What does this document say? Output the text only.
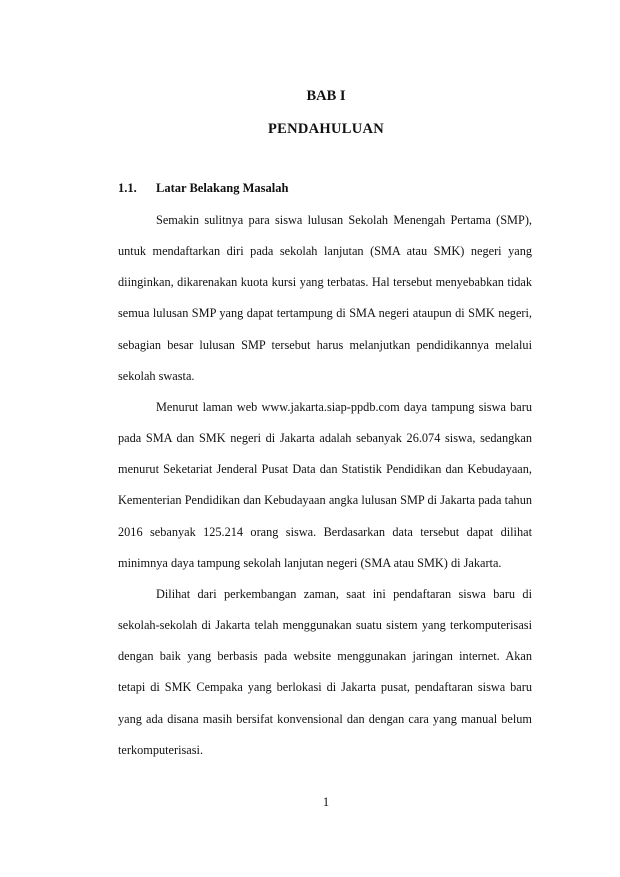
BAB I
PENDAHULUAN
1.1. Latar Belakang Masalah

Semakin sulitnya para siswa lulusan Sekolah Menengah Pertama (SMP), untuk mendaftarkan diri pada sekolah lanjutan (SMA atau SMK) negeri yang diinginkan, dikarenakan kuota kursi yang terbatas. Hal tersebut menyebabkan tidak semua lulusan SMP yang dapat tertampung di SMA negeri ataupun di SMK negeri, sebagian besar lulusan SMP tersebut harus melanjutkan pendidikannya melalui sekolah swasta.

Menurut laman web www.jakarta.siap-ppdb.com daya tampung siswa baru pada SMA dan SMK negeri di Jakarta adalah sebanyak 26.074 siswa, sedangkan menurut Seketariat Jenderal Pusat Data dan Statistik Pendidikan dan Kebudayaan, Kementerian Pendidikan dan Kebudayaan angka lulusan SMP di Jakarta pada tahun 2016 sebanyak 125.214 orang siswa. Berdasarkan data tersebut dapat dilihat minimnya daya tampung sekolah lanjutan negeri (SMA atau SMK) di Jakarta.

Dilihat dari perkembangan zaman, saat ini pendaftaran siswa baru di sekolah-sekolah di Jakarta telah menggunakan suatu sistem yang terkomputerisasi dengan baik yang berbasis pada website menggunakan jaringan internet. Akan tetapi di SMK Cempaka yang berlokasi di Jakarta pusat, pendaftaran siswa baru yang ada disana masih bersifat konvensional dan dengan cara yang manual belum terkomputerisasi.

1
